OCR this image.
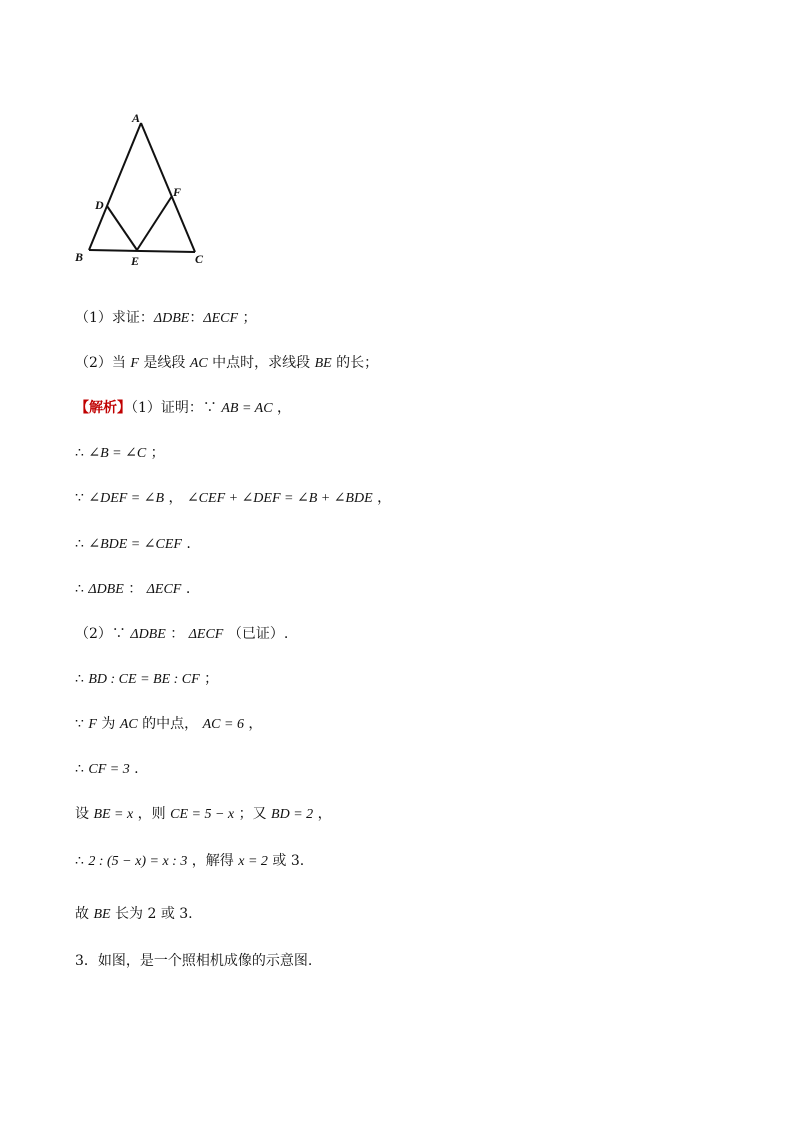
A
B	C
D
E
F
（1）求证：ΔDBE：ΔECF ；
（2）当 F 是线段 AC 中点时，求线段 BE 的长；
【解析】（1）证明：∵ AB = AC ，
∴ ∠B = ∠C ；
∵ ∠DEF = ∠B ， ∠CEF + ∠DEF = ∠B + ∠BDE ，
∴ ∠BDE = ∠CEF .
∴ ΔDBE ： ΔECF .
（2）∵ ΔDBE ： ΔECF （已证）.
∴ BD : CE = BE : CF ；
∵ F 为 AC 的中点， AC = 6 ，
∴ CF = 3 .
设 BE = x ，则 CE = 5 − x ；又 BD = 2 ，
∴ 2 : (5 − x) = x : 3 ，解得 x = 2 或 3.
故 BE 长为 2 或 3.
3．如图，是一个照相机成像的示意图.
